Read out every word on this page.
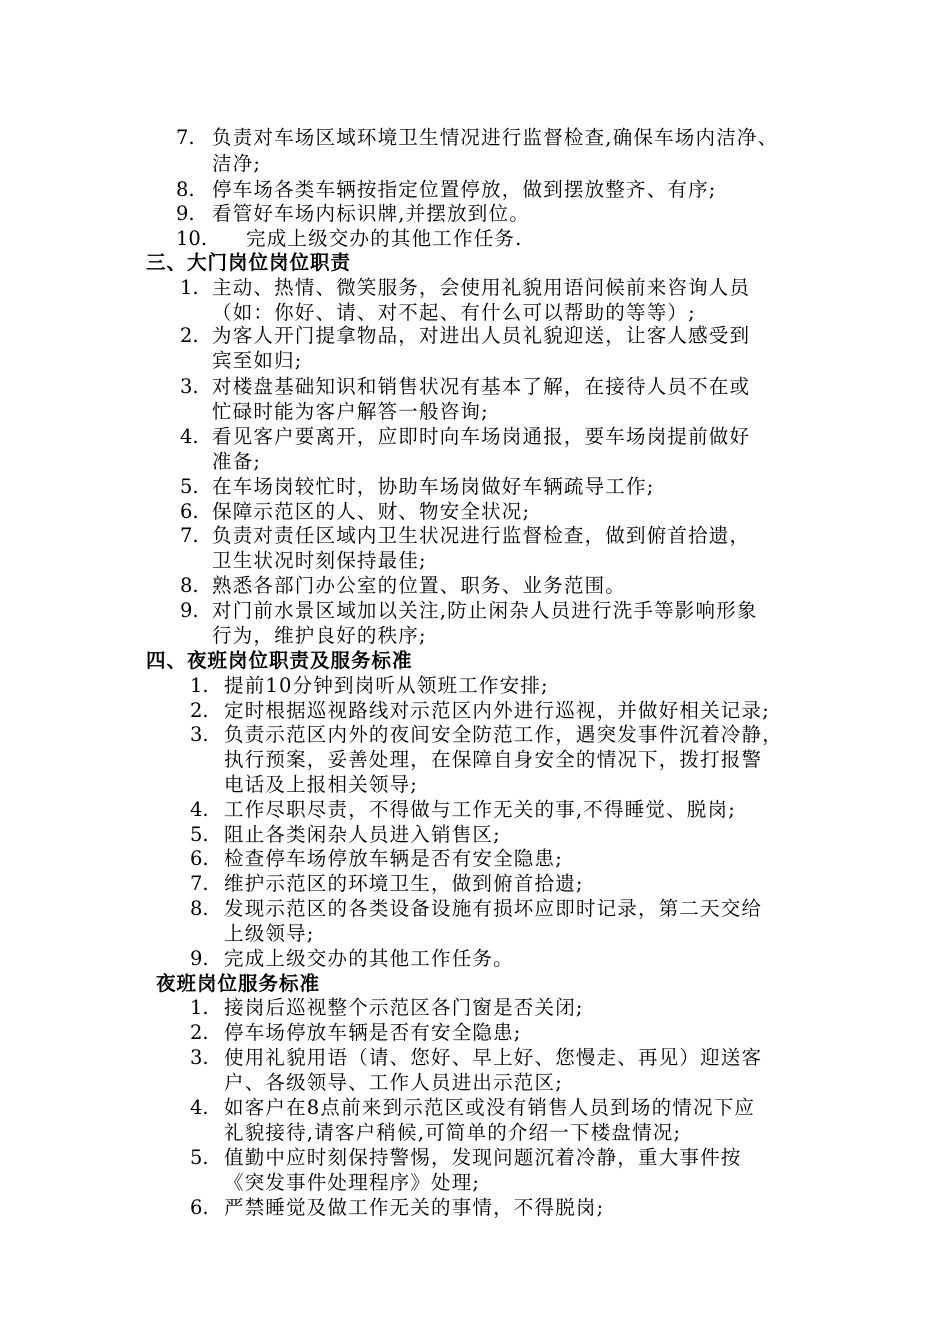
7. 负责对车场区域环境卫生情况进行监督检查,确保车场内洁净、
洁净;
8. 停车场各类车辆按指定位置停放，做到摆放整齐、有序;
9. 看管好车场内标识牌,并摆放到位。
10. 完成上级交办的其他工作任务.
三、大门岗位岗位职责
1. 主动、热情、微笑服务，会使用礼貌用语问候前来咨询人员
（如：你好、请、对不起、有什么可以帮助的等等）;
2. 为客人开门提拿物品，对进出人员礼貌迎送，让客人感受到
宾至如归;
3. 对楼盘基础知识和销售状况有基本了解，在接待人员不在或
忙碌时能为客户解答一般咨询;
4. 看见客户要离开，应即时向车场岗通报，要车场岗提前做好
准备;
5. 在车场岗较忙时，协助车场岗做好车辆疏导工作;
6. 保障示范区的人、财、物安全状况;
7. 负责对责任区域内卫生状况进行监督检查，做到俯首拾遗，
卫生状况时刻保持最佳;
8. 熟悉各部门办公室的位置、职务、业务范围。
9. 对门前水景区域加以关注,防止闲杂人员进行洗手等影响形象
行为，维护良好的秩序;
四、夜班岗位职责及服务标准
1. 提前10分钟到岗听从领班工作安排;
2. 定时根据巡视路线对示范区内外进行巡视，并做好相关记录;
3. 负责示范区内外的夜间安全防范工作，遇突发事件沉着冷静，
执行预案，妥善处理，在保障自身安全的情况下，拨打报警
电话及上报相关领导;
4. 工作尽职尽责，不得做与工作无关的事,不得睡觉、脱岗;
5. 阻止各类闲杂人员进入销售区;
6. 检查停车场停放车辆是否有安全隐患;
7. 维护示范区的环境卫生，做到俯首拾遗;
8. 发现示范区的各类设备设施有损坏应即时记录，第二天交给
上级领导;
9. 完成上级交办的其他工作任务。
夜班岗位服务标准
1. 接岗后巡视整个示范区各门窗是否关闭;
2. 停车场停放车辆是否有安全隐患;
3. 使用礼貌用语（请、您好、早上好、您慢走、再见）迎送客
户、各级领导、工作人员进出示范区;
4. 如客户在8点前来到示范区或没有销售人员到场的情况下应
礼貌接待,请客户稍候,可简单的介绍一下楼盘情况;
5. 值勤中应时刻保持警惕，发现问题沉着冷静，重大事件按
《突发事件处理程序》处理;
6. 严禁睡觉及做工作无关的事情，不得脱岗;
